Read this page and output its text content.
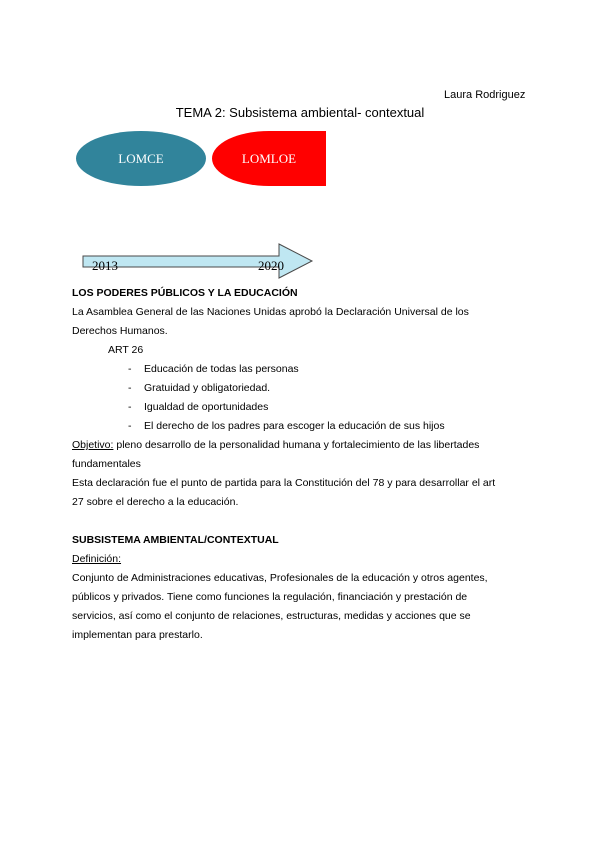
Laura Rodriguez
TEMA 2: Subsistema ambiental- contextual
LOMCE	LOMLOE
2013	2020
LOS PODERES PÚBLICOS Y LA EDUCACIÓN
La Asamblea General de las Naciones Unidas aprobó la Declaración Universal de los
Derechos Humanos.
ART 26
- Educación de todas las personas
- Gratuidad y obligatoriedad.
- Igualdad de oportunidades
- El derecho de los padres para escoger la educación de sus hijos
Objetivo: pleno desarrollo de la personalidad humana y fortalecimiento de las libertades
fundamentales
Esta declaración fue el punto de partida para la Constitución del 78 y para desarrollar el art
27 sobre el derecho a la educación.
SUBSISTEMA AMBIENTAL/CONTEXTUAL
Definición:
Conjunto de Administraciones educativas, Profesionales de la educación y otros agentes,
públicos y privados. Tiene como funciones la regulación, financiación y prestación de
servicios, así como el conjunto de relaciones, estructuras, medidas y acciones que se
implementan para prestarlo.
